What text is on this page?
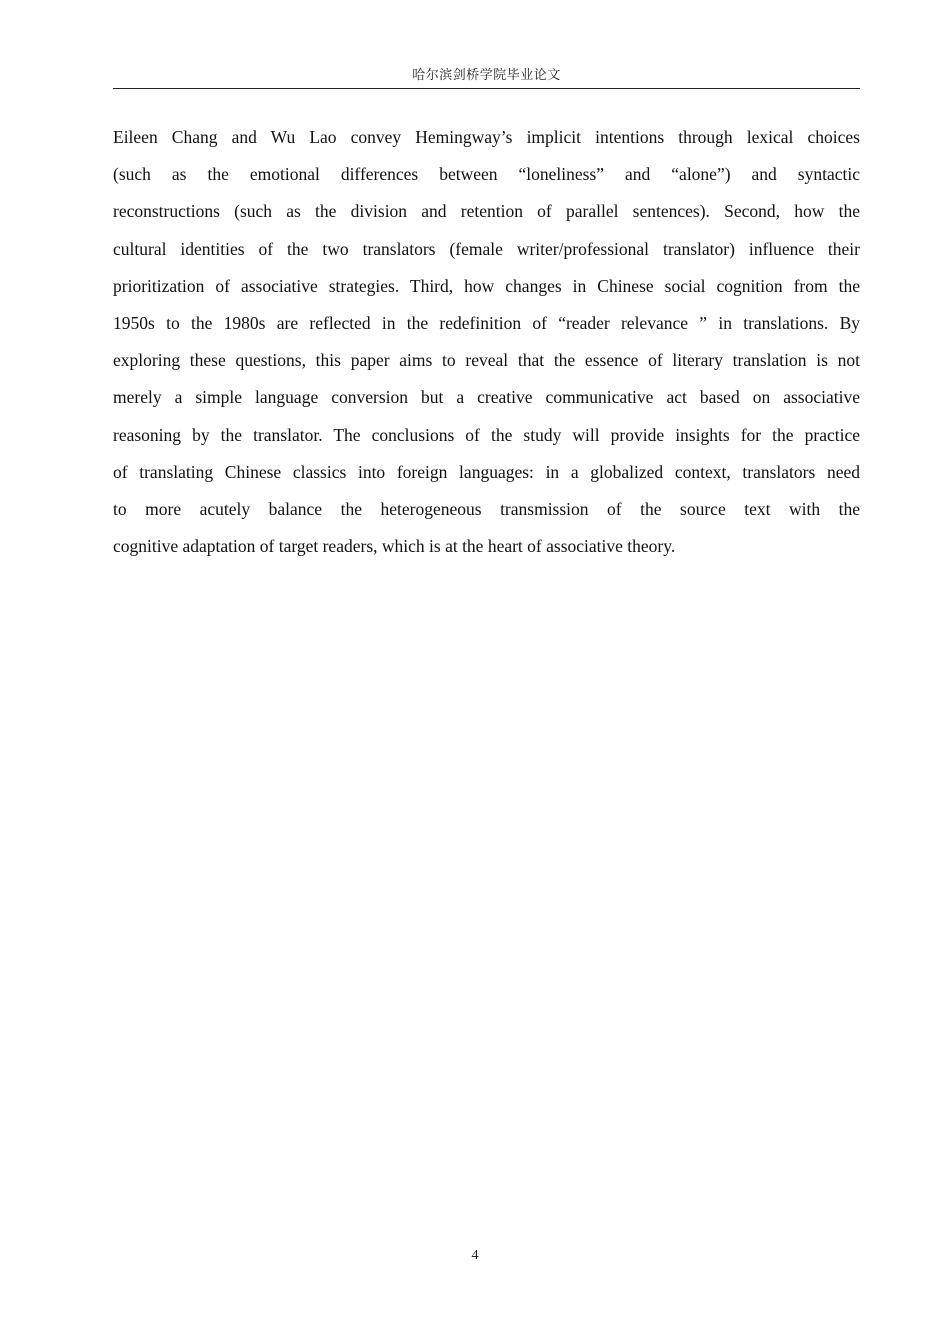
哈尔滨剑桥学院毕业论文
Eileen Chang and Wu Lao convey Hemingway’s implicit intentions through lexical choices
(such as the emotional differences between “loneliness” and “alone”) and syntactic
reconstructions (such as the division and retention of parallel sentences). Second, how the
cultural identities of the two translators (female writer/professional translator) influence their
prioritization of associative strategies. Third, how changes in Chinese social cognition from the
1950s to the 1980s are reflected in the redefinition of “reader relevance ” in translations. By
exploring these questions, this paper aims to reveal that the essence of literary translation is not
merely a simple language conversion but a creative communicative act based on associative
reasoning by the translator. The conclusions of the study will provide insights for the practice
of translating Chinese classics into foreign languages: in a globalized context, translators need
to more acutely balance the heterogeneous transmission of the source text with the
cognitive adaptation of target readers, which is at the heart of associative theory.
4
